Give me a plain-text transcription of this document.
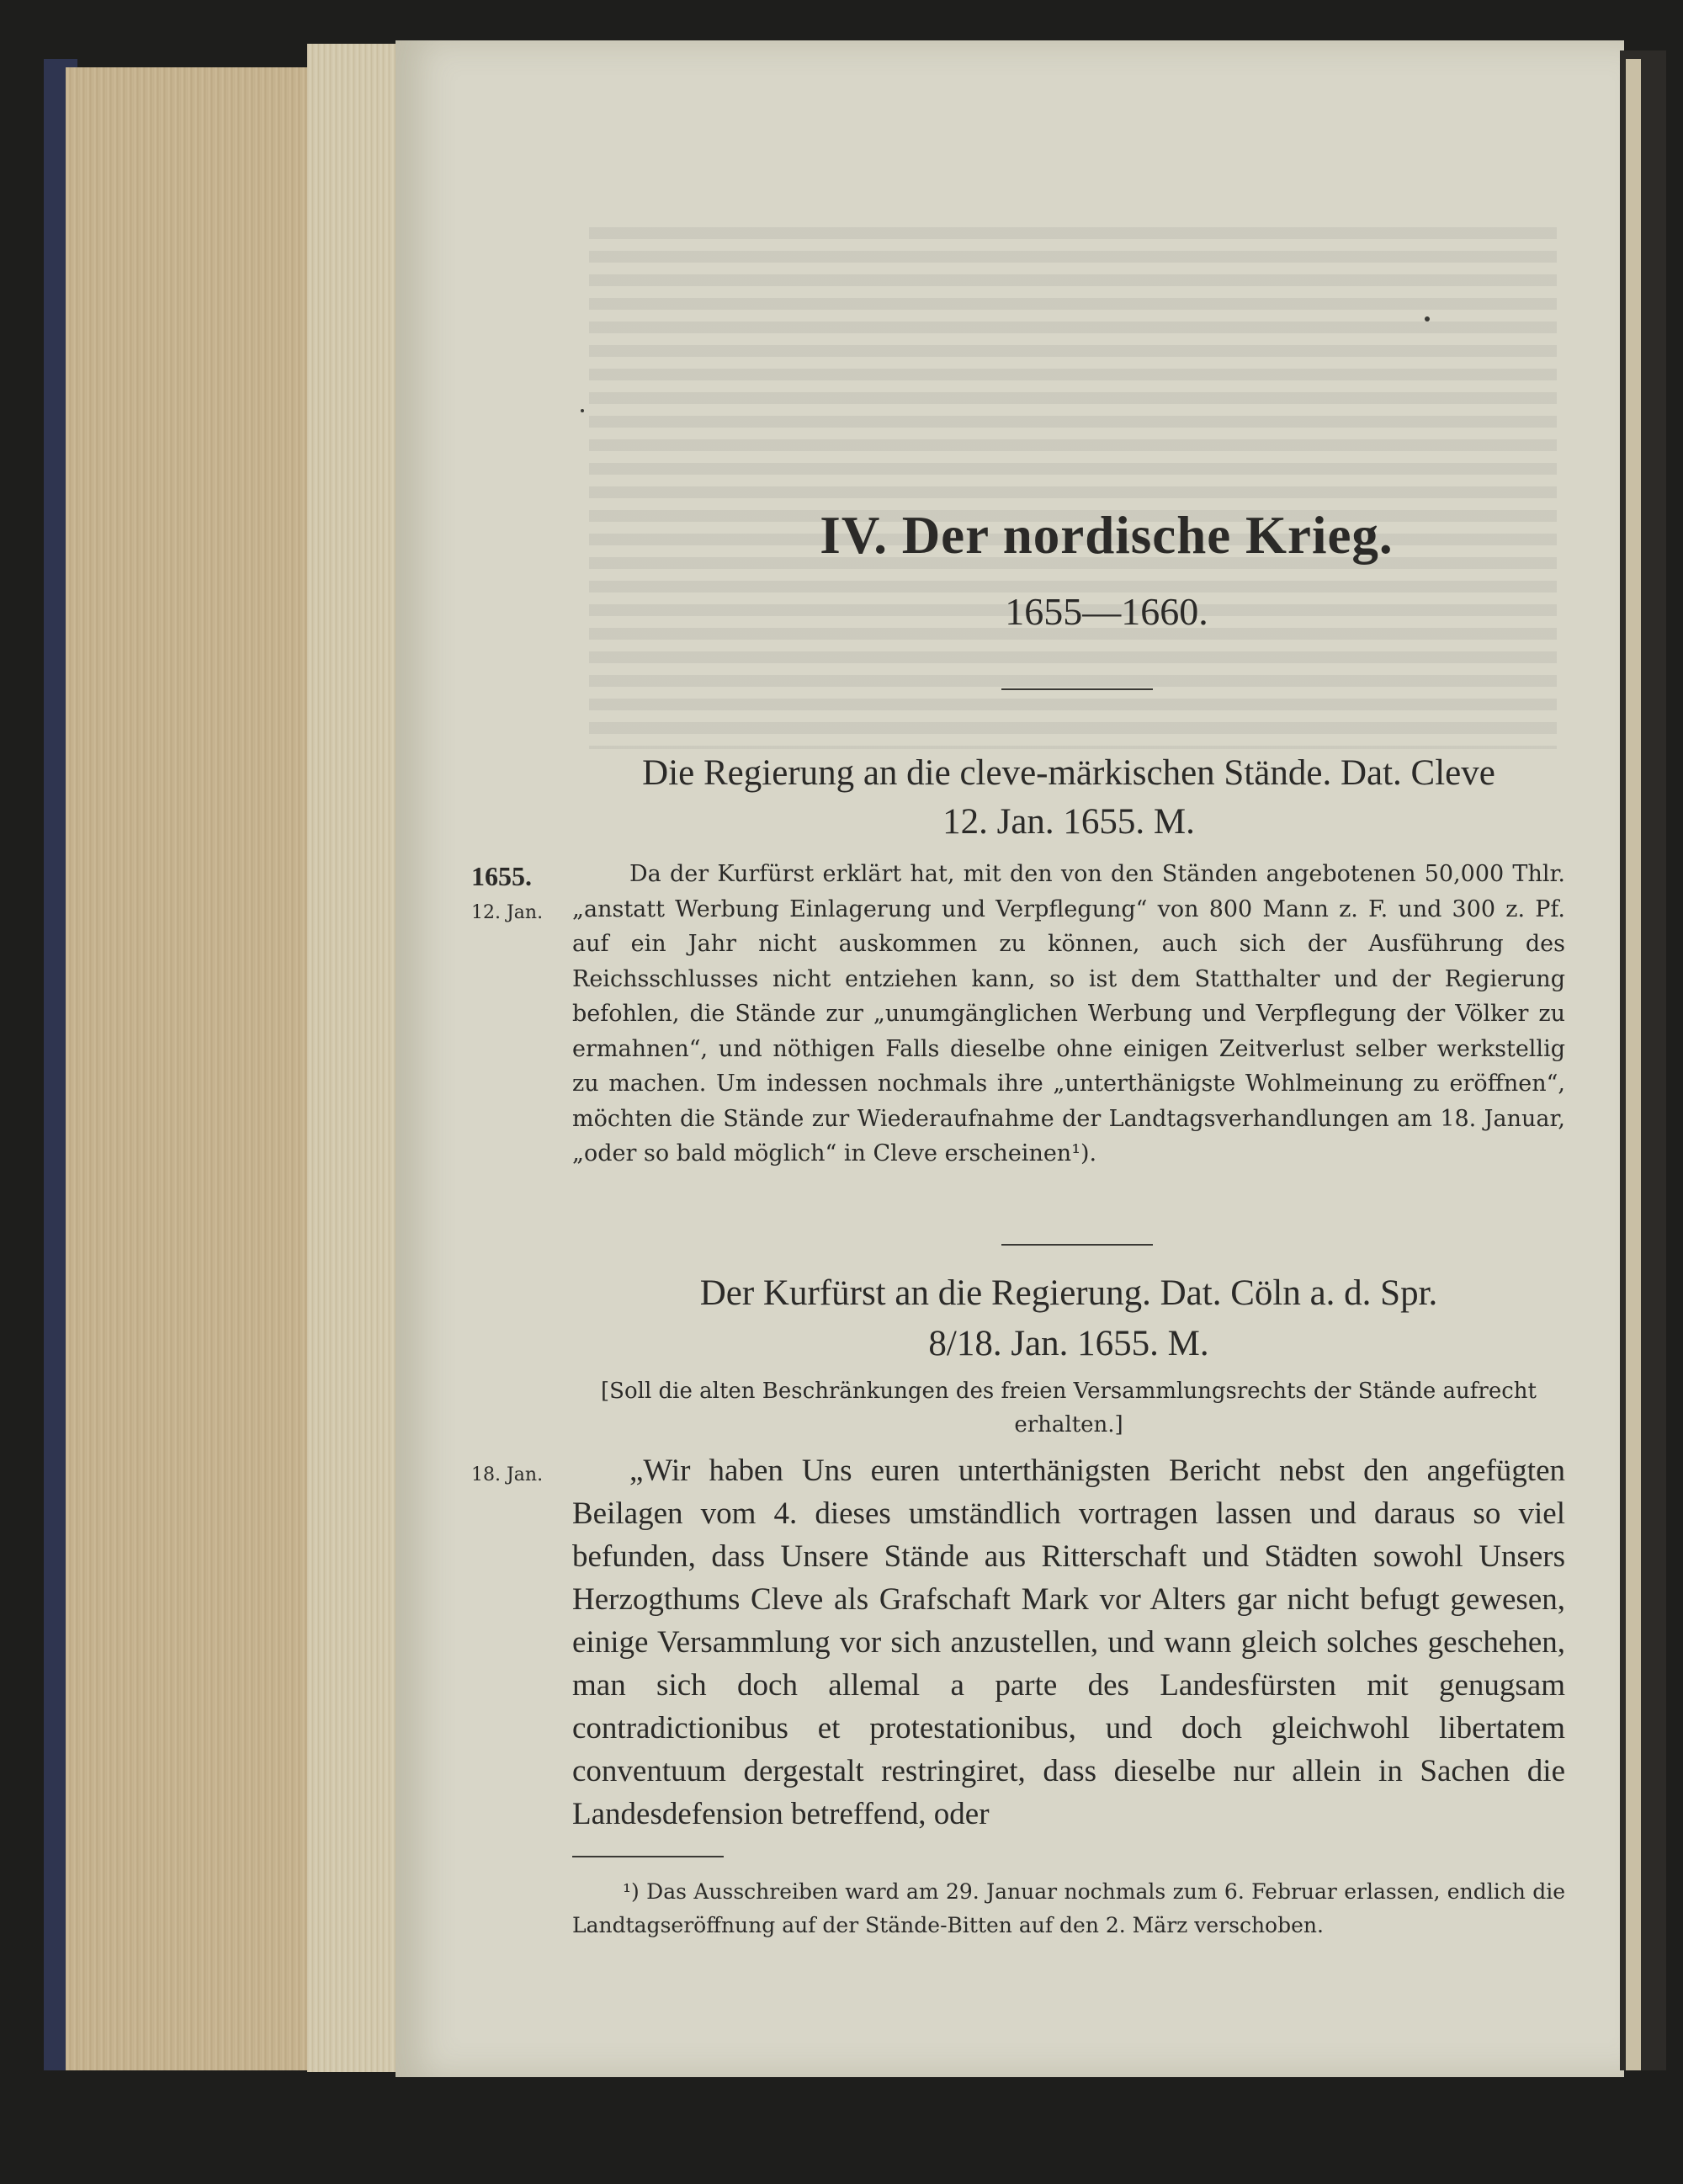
IV. Der nordische Krieg.
1655—1660.
Die Regierung an die cleve-märkischen Stände. Dat. Cleve
12. Jan. 1655. M.
1655.
12. Jan.
Da der Kurfürst erklärt hat, mit den von den Ständen angebotenen 50,000 Thlr. „anstatt Werbung Einlagerung und Verpflegung“ von 800 Mann z. F. und 300 z. Pf. auf ein Jahr nicht auskommen zu können, auch sich der Ausführung des Reichsschlusses nicht entziehen kann, so ist dem Statthalter und der Regierung befohlen, die Stände zur „unumgänglichen Werbung und Verpflegung der Völker zu ermahnen“, und nöthigen Falls dieselbe ohne einigen Zeitverlust selber werkstellig zu machen. Um indessen nochmals ihre „unterthänigste Wohlmeinung zu eröffnen“, möchten die Stände zur Wiederaufnahme der Landtagsverhandlungen am 18. Januar, „oder so bald möglich“ in Cleve erscheinen¹).
Der Kurfürst an die Regierung. Dat. Cöln a. d. Spr.
8/18. Jan. 1655. M.
[Soll die alten Beschränkungen des freien Versammlungsrechts der Stände aufrecht erhalten.]
18. Jan.	„Wir haben Uns euren unterthänigsten Bericht nebst den angefügten Beilagen vom 4. dieses umständlich vortragen lassen und daraus so viel befunden, dass Unsere Stände aus Ritterschaft und Städten sowohl Unsers Herzogthums Cleve als Grafschaft Mark vor Alters gar nicht befugt gewesen, einige Versammlung vor sich anzustellen, und wann gleich solches geschehen, man sich doch allemal a parte des Landesfürsten mit genugsam contradictionibus et protestationibus, und doch gleichwohl libertatem conventuum dergestalt restringiret, dass dieselbe nur allein in Sachen die Landesdefension betreffend, oder
¹) Das Ausschreiben ward am 29. Januar nochmals zum 6. Februar erlassen, endlich die Landtagseröffnung auf der Stände-Bitten auf den 2. März verschoben.
